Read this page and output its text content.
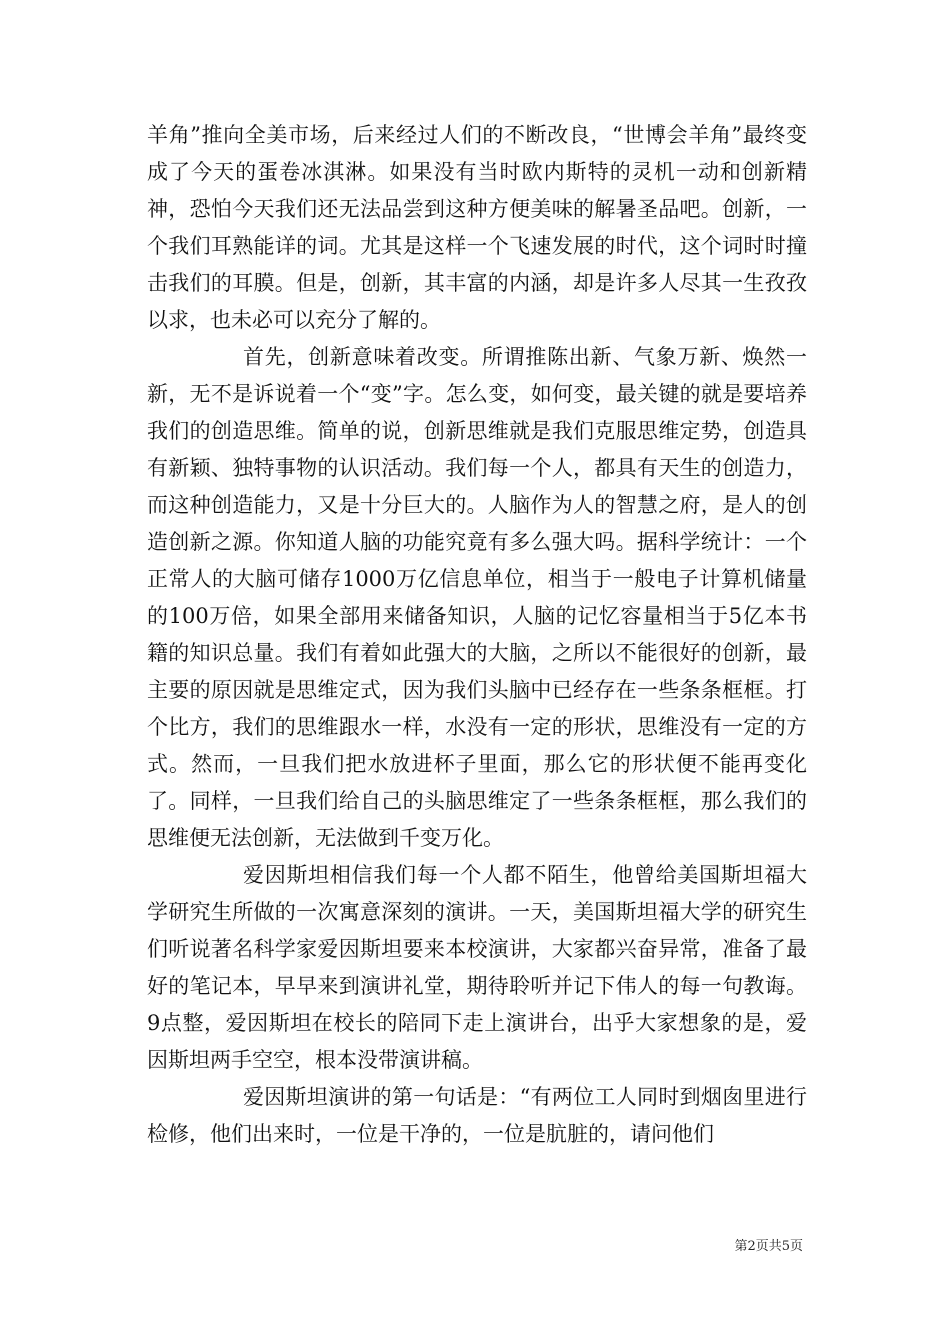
羊角”推向全美市场，后来经过人们的不断改良，“世博会羊角”最终变成了今天的蛋卷冰淇淋。如果没有当时欧内斯特的灵机一动和创新精神，恐怕今天我们还无法品尝到这种方便美味的解暑圣品吧。创新，一个我们耳熟能详的词。尤其是这样一个飞速发展的时代，这个词时时撞击我们的耳膜。但是，创新，其丰富的内涵，却是许多人尽其一生孜孜以求，也未必可以充分了解的。

首先，创新意味着改变。所谓推陈出新、气象万新、焕然一新，无不是诉说着一个“变”字。怎么变，如何变，最关键的就是要培养我们的创造思维。简单的说，创新思维就是我们克服思维定势，创造具有新颖、独特事物的认识活动。我们每一个人，都具有天生的创造力，而这种创造能力，又是十分巨大的。人脑作为人的智慧之府，是人的创造创新之源。你知道人脑的功能究竟有多么强大吗。据科学统计：一个正常人的大脑可储存1000万亿信息单位，相当于一般电子计算机储量的100万倍，如果全部用来储备知识，人脑的记忆容量相当于5亿本书籍的知识总量。我们有着如此强大的大脑，之所以不能很好的创新，最主要的原因就是思维定式，因为我们头脑中已经存在一些条条框框。打个比方，我们的思维跟水一样，水没有一定的形状，思维没有一定的方式。然而，一旦我们把水放进杯子里面，那么它的形状便不能再变化了。同样，一旦我们给自己的头脑思维定了一些条条框框，那么我们的思维便无法创新，无法做到千变万化。

爱因斯坦相信我们每一个人都不陌生，他曾给美国斯坦福大学研究生所做的一次寓意深刻的演讲。一天，美国斯坦福大学的研究生们听说著名科学家爱因斯坦要来本校演讲，大家都兴奋异常，准备了最好的笔记本，早早来到演讲礼堂，期待聆听并记下伟人的每一句教诲。9点整，爱因斯坦在校长的陪同下走上演讲台，出乎大家想象的是，爱因斯坦两手空空，根本没带演讲稿。

爱因斯坦演讲的第一句话是：“有两位工人同时到烟囱里进行检修，他们出来时，一位是干净的，一位是肮脏的，请问他们

第2页共5页
